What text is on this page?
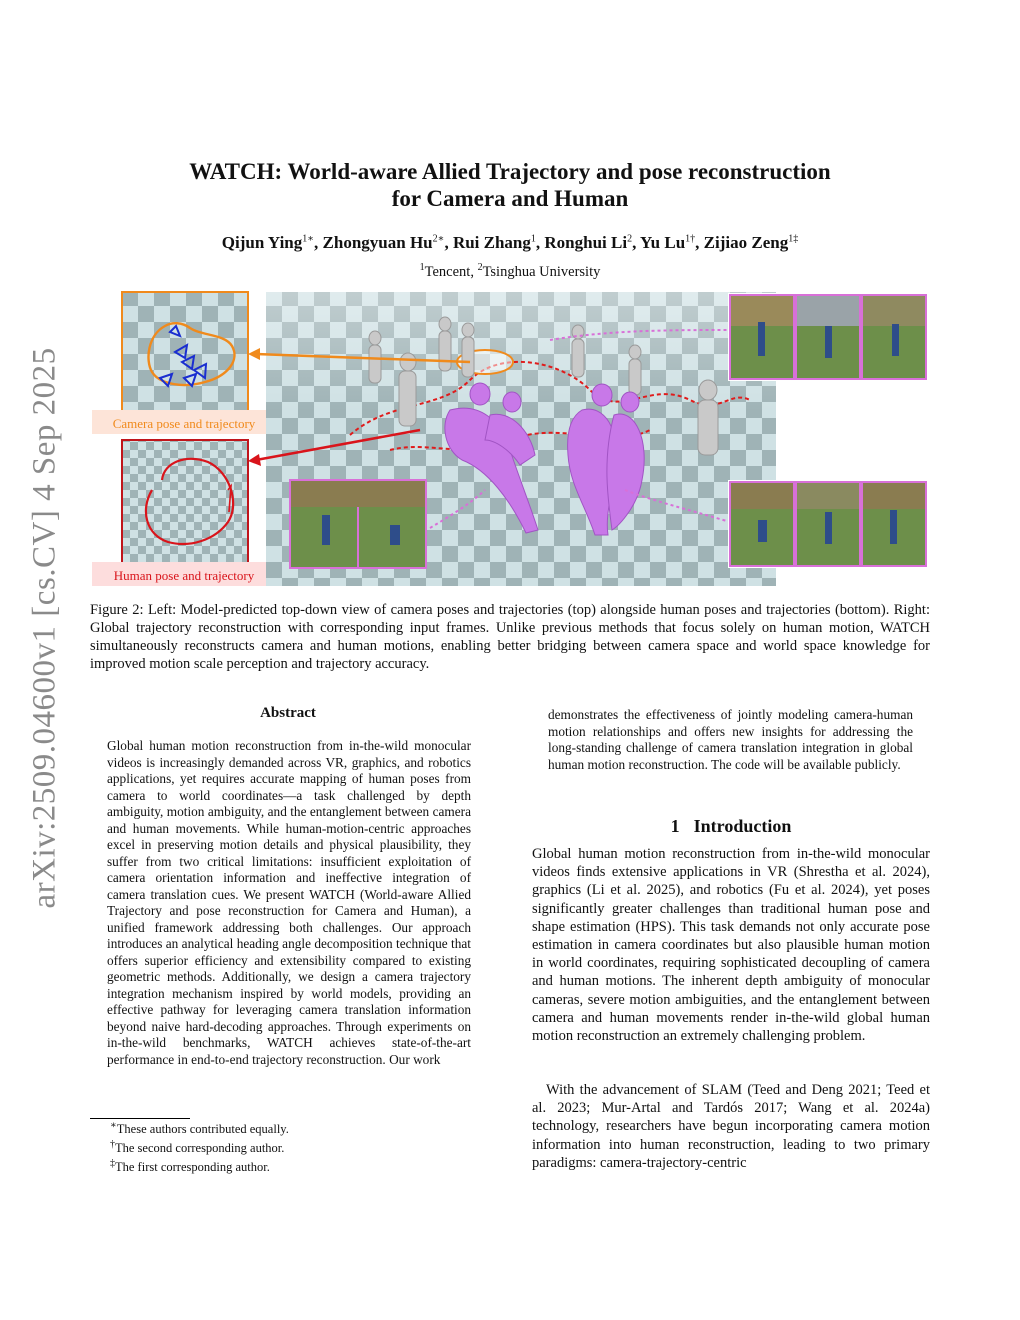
arXiv:2509.04600v1 [cs.CV] 4 Sep 2025
WATCH: World-aware Allied Trajectory and pose reconstruction
for Camera and Human
Qijun Ying$^{1∗}$, Zhongyuan $Hu^{2∗}$, Rui Zhang$^1$, Ronghui Li$^2$, Yu $Lu^{1\dagger}$, Zijiao Zeng$^{1\ddagger}$
$^1$Tencent, $^2$Tsinghua University
Camera pose and trajectory
Human pose and trajectory
Figure 2: Left: Model-predicted top-down view of camera poses and trajectories (top) alongside human poses and trajectories (bottom). Right: Global trajectory reconstruction with corresponding input frames. Unlike previous methods that focus solely on human motion, WATCH simultaneously reconstructs camera and human motions, enabling better bridging between camera space and world space knowledge for improved motion scale perception and trajectory accuracy.
Abstract
Global human motion reconstruction from in-the-wild monocular videos is increasingly demanded across VR, graphics, and robotics applications, yet requires accurate mapping of human poses from camera to world coordinates—a task challenged by depth ambiguity, motion ambiguity, and the entanglement between camera and human movements. While human-motion-centric approaches excel in preserving motion details and physical plausibility, they suffer from two critical limitations: insufficient exploitation of camera orientation information and ineffective integration of camera translation cues. We present WATCH (World-aware Allied Trajectory and pose reconstruction for Camera and Human), a unified framework addressing both challenges. Our approach introduces an analytical heading angle decomposition technique that offers superior efficiency and extensibility compared to existing geometric methods. Additionally, we design a camera trajectory integration mechanism inspired by world models, providing an effective pathway for leveraging camera translation information beyond naive hard-decoding approaches. Through experiments on in-the-wild benchmarks, WATCH achieves state-of-the-art performance in end-to-end trajectory reconstruction. Our work
demonstrates the effectiveness of jointly modeling camera-human motion relationships and offers new insights for addressing the long-standing challenge of camera translation integration in global human motion reconstruction. The code will be available publicly.
1 Introduction
Global human motion reconstruction from in-the-wild monocular videos finds extensive applications in VR (Shrestha et al. 2024), graphics (Li et al. 2025), and robotics (Fu et al. 2024), yet poses significantly greater challenges than traditional human pose and shape estimation (HPS). This task demands not only accurate pose estimation in camera coordinates but also plausible human motion in world coordinates, requiring sophisticated decoupling of camera and human motions. The inherent depth ambiguity of monocular cameras, severe motion ambiguities, and the entanglement between camera and human movements render in-the-wild global human motion reconstruction an extremely challenging problem.
With the advancement of SLAM (Teed and Deng 2021; Teed et al. 2023; Mur-Artal and Tardós 2017; Wang et al. 2024a) technology, researchers have begun incorporating camera motion information into human reconstruction, leading to two primary paradigms: camera-trajectory-centric
∗These authors contributed equally.
†The second corresponding author.
‡The first corresponding author.
